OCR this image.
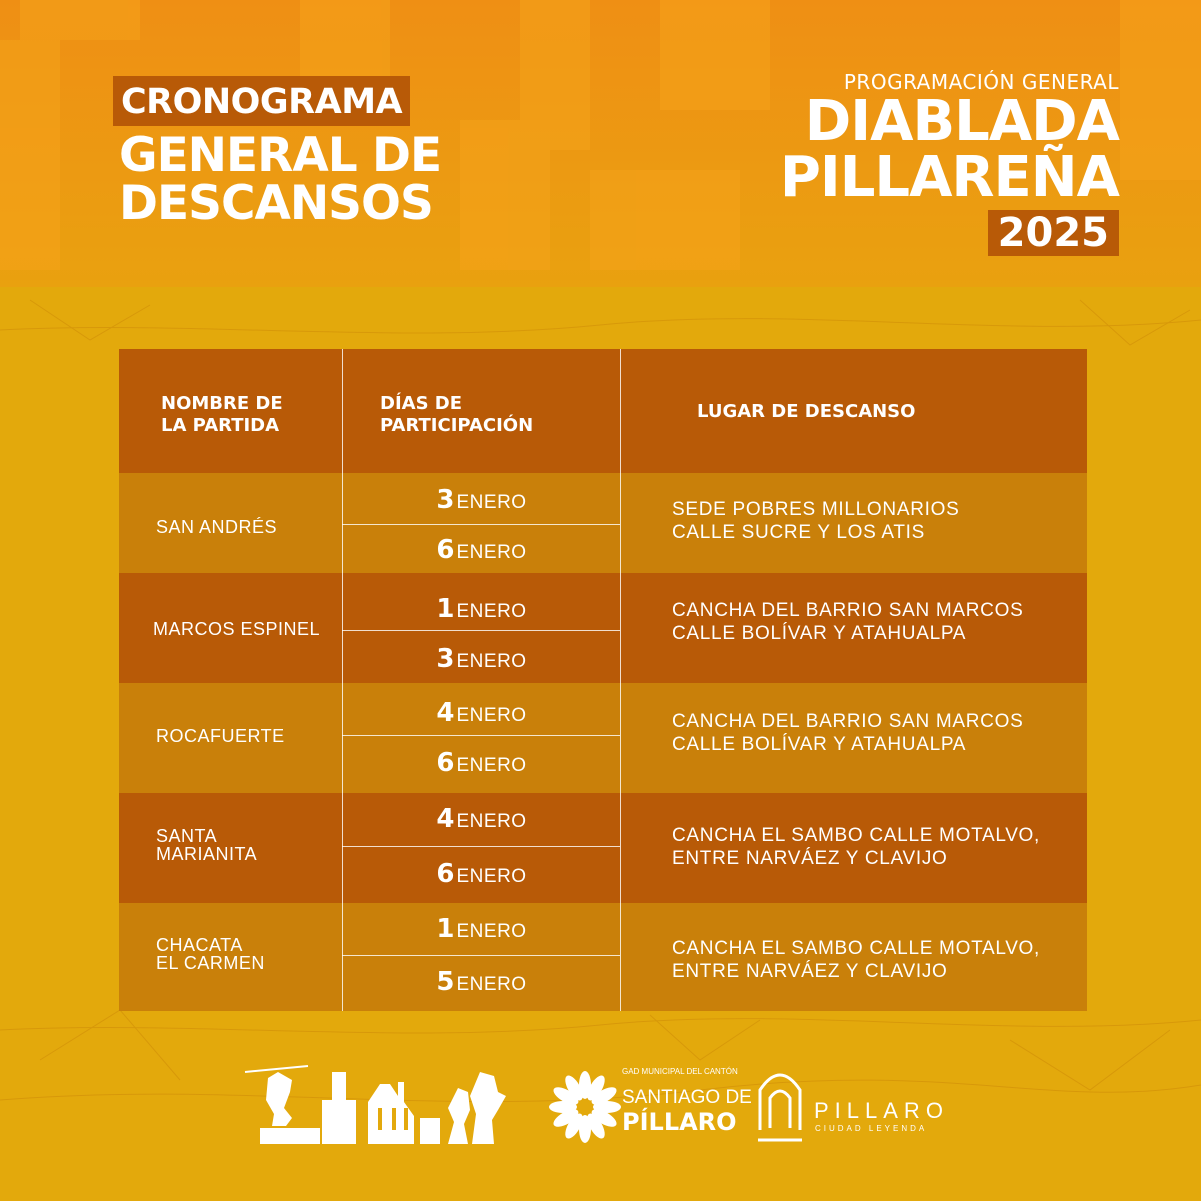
CRONOGRAMA
GENERAL DE
DESCANSOS
PROGRAMACIÓN GENERAL
DIABLADA
PILLAREÑA
2025
NOMBRE DE
LA PARTIDA
DÍAS DE
PARTICIPACIÓN
LUGAR DE DESCANSO
SAN ANDRÉS
3 ENERO
6 ENERO
SEDE POBRES MILLONARIOS
CALLE SUCRE Y LOS ATIS
MARCOS ESPINEL
1 ENERO
3 ENERO
CANCHA DEL BARRIO SAN MARCOS
CALLE BOLÍVAR Y ATAHUALPA
ROCAFUERTE
4 ENERO
6 ENERO
CANCHA DEL BARRIO SAN MARCOS
CALLE BOLÍVAR Y ATAHUALPA
SANTA
MARIANITA
4 ENERO
6 ENERO
CANCHA EL SAMBO CALLE MOTALVO,
ENTRE NARVÁEZ Y CLAVIJO
CHACATA
EL CARMEN
1 ENERO
5 ENERO
CANCHA EL SAMBO CALLE MOTALVO,
ENTRE NARVÁEZ Y CLAVIJO
GAD MUNICIPAL DEL CANTÓN
SANTIAGO DE
PÍLLARO	PILLARO
CIUDAD LEYENDA
